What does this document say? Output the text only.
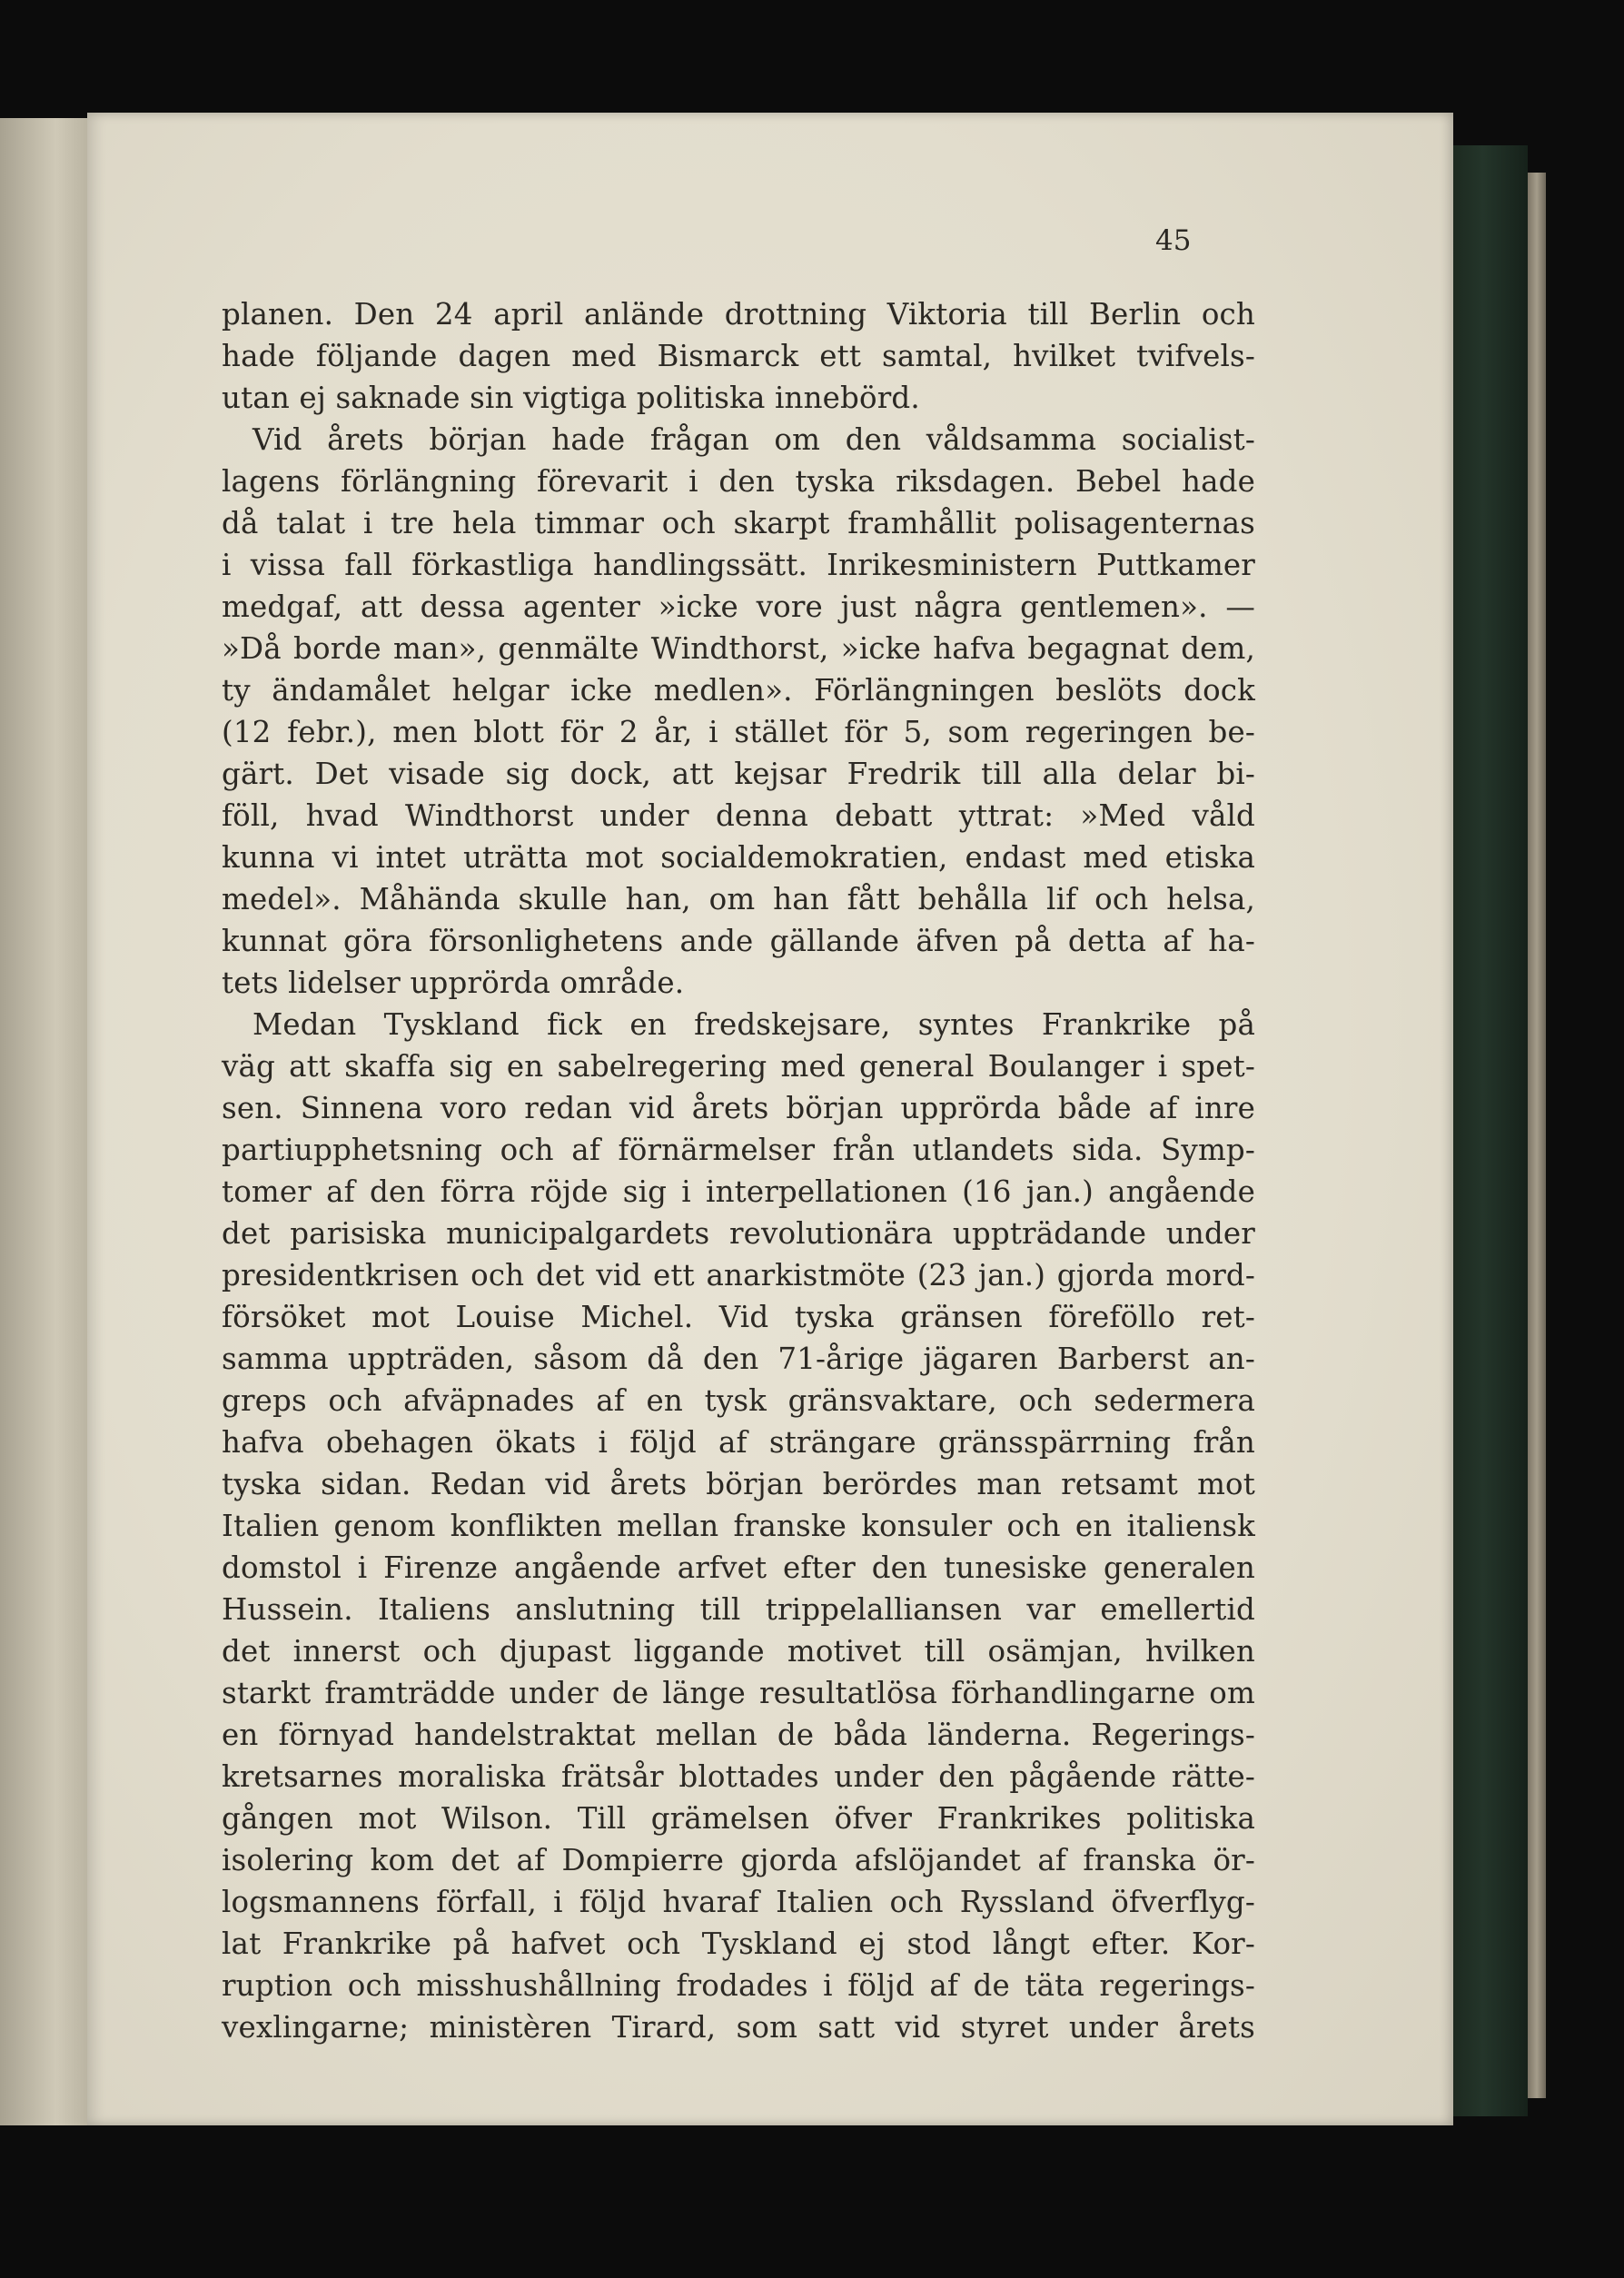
45

planen. Den 24 april anlände drottning Viktoria till Berlin och
hade följande dagen med Bismarck ett samtal, hvilket tvifvels-
utan ej saknade sin vigtiga politiska innebörd.
Vid årets början hade frågan om den våldsamma socialist-
lagens förlängning förevarit i den tyska riksdagen. Bebel hade
då talat i tre hela timmar och skarpt framhållit polisagenternas
i vissa fall förkastliga handlingssätt. Inrikesministern Puttkamer
medgaf, att dessa agenter »icke vore just några gentlemen». —
»Då borde man», genmälte Windthorst, »icke hafva begagnat dem,
ty ändamålet helgar icke medlen». Förlängningen beslöts dock
(12 febr.), men blott för 2 år, i stället för 5, som regeringen be-
gärt. Det visade sig dock, att kejsar Fredrik till alla delar bi-
föll, hvad Windthorst under denna debatt yttrat: »Med våld
kunna vi intet uträtta mot socialdemokratien, endast med etiska
medel». Måhända skulle han, om han fått behålla lif och helsa,
kunnat göra försonlighetens ande gällande äfven på detta af ha-
tets lidelser upprörda område.
Medan Tyskland fick en fredskejsare, syntes Frankrike på
väg att skaffa sig en sabelregering med general Boulanger i spet-
sen. Sinnena voro redan vid årets början upprörda både af inre
partiupphetsning och af förnärmelser från utlandets sida. Symp-
tomer af den förra röjde sig i interpellationen (16 jan.) angående
det parisiska municipalgardets revolutionära uppträdande under
presidentkrisen och det vid ett anarkistmöte (23 jan.) gjorda mord-
försöket mot Louise Michel. Vid tyska gränsen föreföllo ret-
samma uppträden, såsom då den 71-årige jägaren Barberst an-
greps och afväpnades af en tysk gränsvaktare, och sedermera
hafva obehagen ökats i följd af strängare gränsspärrning från
tyska sidan. Redan vid årets början berördes man retsamt mot
Italien genom konflikten mellan franske konsuler och en italiensk
domstol i Firenze angående arfvet efter den tunesiske generalen
Hussein. Italiens anslutning till trippelalliansen var emellertid
det innerst och djupast liggande motivet till osämjan, hvilken
starkt framträdde under de länge resultatlösa förhandlingarne om
en förnyad handelstraktat mellan de båda länderna. Regerings-
kretsarnes moraliska frätsår blottades under den pågående rätte-
gången mot Wilson. Till grämelsen öfver Frankrikes politiska
isolering kom det af Dompierre gjorda afslöjandet af franska ör-
logsmannens förfall, i följd hvaraf Italien och Ryssland öfverflyg-
lat Frankrike på hafvet och Tyskland ej stod långt efter. Kor-
ruption och misshushållning frodades i följd af de täta regerings-
vexlingarne; ministèren Tirard, som satt vid styret under årets
